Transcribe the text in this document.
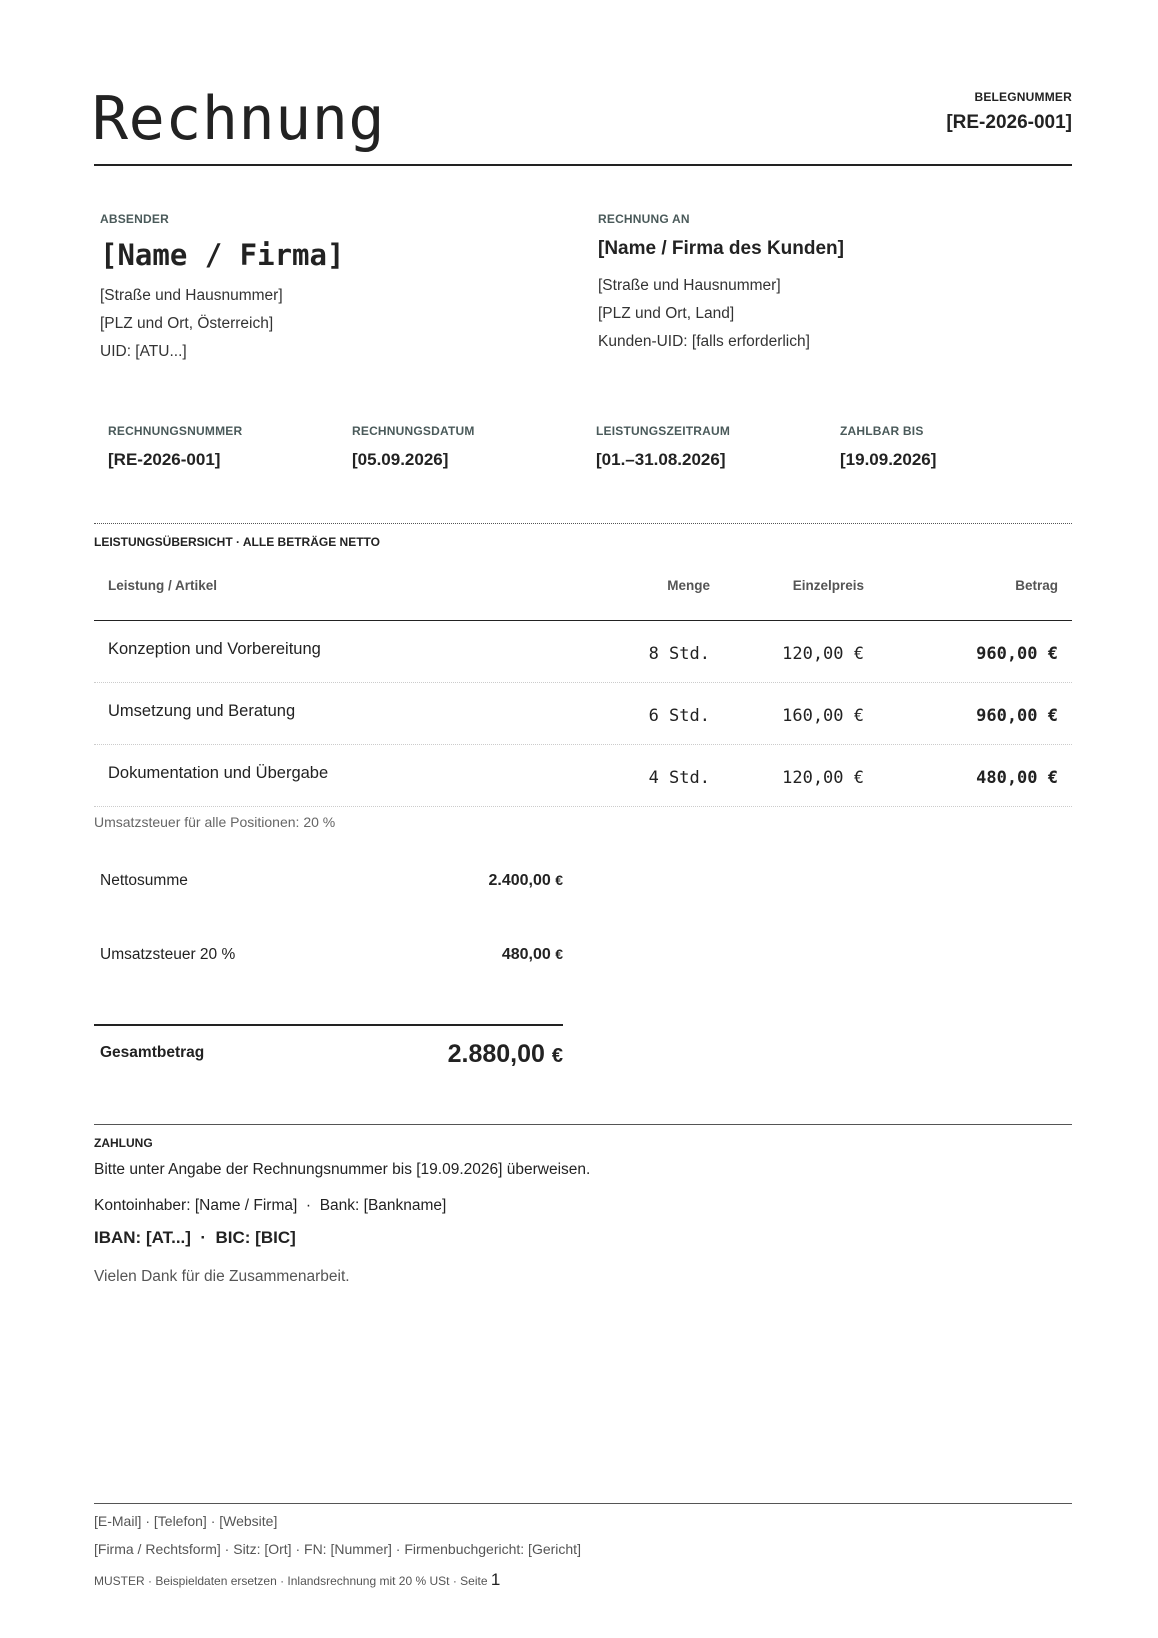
Rechnung	BELEGNUMMER
[RE-2026-001]
ABSENDER
[Name / Firma]
[Straße und Hausnummer]
[PLZ und Ort, Österreich]
UID: [ATU...]
RECHNUNG AN
[Name / Firma des Kunden]
[Straße und Hausnummer]
[PLZ und Ort, Land]
Kunden-UID: [falls erforderlich]
RECHNUNGSNUMMER
[RE-2026-001]
RECHNUNGSDATUM
[05.09.2026]
LEISTUNGSZEITRAUM
[01.–31.08.2026]
ZAHLBAR BIS
[19.09.2026]
LEISTUNGSÜBERSICHT · ALLE BETRÄGE NETTO
Leistung / Artikel	Menge	Einzelpreis	Betrag
Konzeption und Vorbereitung	8 Std.	120,00 €	960,00 €
Umsetzung und Beratung	6 Std.	160,00 €	960,00 €
Dokumentation und Übergabe	4 Std.	120,00 €	480,00 €
Umsatzsteuer für alle Positionen: 20 %
Nettosumme	2.400,00 €
Umsatzsteuer 20 %	480,00 €
Gesamtbetrag	2.880,00 €
ZAHLUNG
Bitte unter Angabe der Rechnungsnummer bis [19.09.2026] überweisen.
Kontoinhaber: [Name / Firma]  ·  Bank: [Bankname]
IBAN: [AT...]  ·  BIC: [BIC]
Vielen Dank für die Zusammenarbeit.
[E-Mail] · [Telefon] · [Website]
[Firma / Rechtsform] · Sitz: [Ort] · FN: [Nummer] · Firmenbuchgericht: [Gericht]
MUSTER · Beispieldaten ersetzen · Inlandsrechnung mit 20 % USt · Seite 1
